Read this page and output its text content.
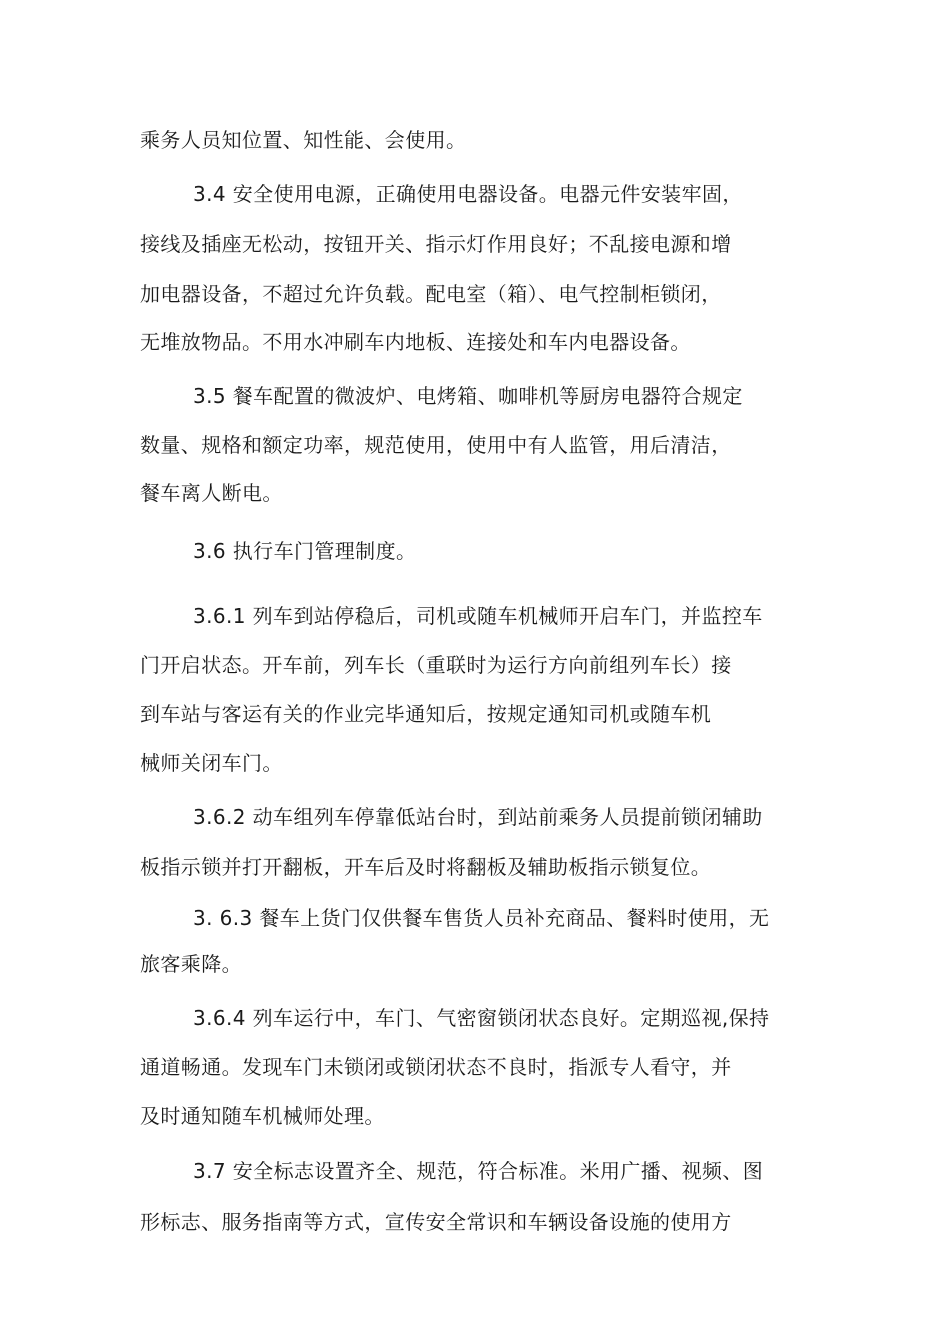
乘务人员知位置、知性能、会使用。
3.4 安全使用电源，正确使用电器设备。电器元件安装牢固，
接线及插座无松动，按钮开关、指示灯作用良好；不乱接电源和增
加电器设备，不超过允许负载。配电室（箱）、电气控制柜锁闭，
无堆放物品。不用水冲刷车内地板、连接处和车内电器设备。
3.5 餐车配置的微波炉、电烤箱、咖啡机等厨房电器符合规定
数量、规格和额定功率，规范使用，使用中有人监管，用后清洁，
餐车离人断电。
3.6 执行车门管理制度。
3.6.1 列车到站停稳后，司机或随车机械师开启车门，并监控车
门开启状态。开车前，列车长（重联时为运行方向前组列车长）接
到车站与客运有关的作业完毕通知后，按规定通知司机或随车机
械师关闭车门。
3.6.2 动车组列车停靠低站台时，到站前乘务人员提前锁闭辅助
板指示锁并打开翻板，开车后及时将翻板及辅助板指示锁复位。
3. 6.3 餐车上货门仅供餐车售货人员补充商品、餐料时使用，无
旅客乘降。
3.6.4 列车运行中，车门、气密窗锁闭状态良好。定期巡视,保持
通道畅通。发现车门未锁闭或锁闭状态不良时，指派专人看守，并
及时通知随车机械师处理。
3.7 安全标志设置齐全、规范，符合标准。米用广播、视频、图
形标志、服务指南等方式，宣传安全常识和车辆设备设施的使用方
